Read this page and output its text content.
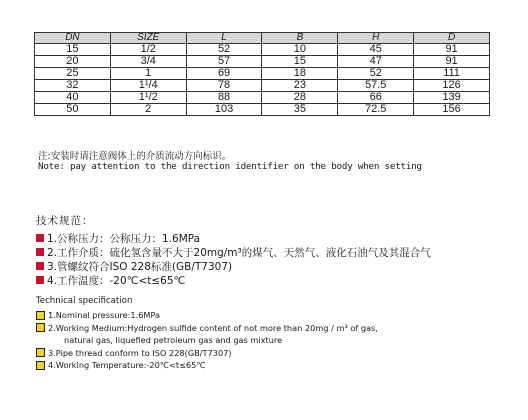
DN	SIZE	L	B	H	D
15	1/2	52	10	45	91
20	3/4	57	15	47	91
25	1	69	18	52	111
32	1¹/4	78	23	57.5	126
40	1¹/2	88	28	66	139
50	2	103	35	72.5	156
注:安装时请注意阀体上的介质流动方向标识。
Note: pay attention to the direction identifier on the body when setting
技术规范：
1.公称压力：公称压力：1.6MPa
2.工作介质：硫化氢含量不大于20mg/m³的煤气、天然气、液化石油气及其混合气
3.管螺纹符合ISO 228标准(GB/T7307)
4.工作温度：-20℃<t≤65℃
Technical specification
1.Nominal pressure:1.6MPa
2.Working Medium:Hydrogen sulfide content of not more than 20mg / m³ of gas,
natural gas, liquefied petroleum gas and gas mixture
3.Pipe thread conform to ISO 228(GB/T7307)
4.Working Temperature:-20℃<t≤65℃
